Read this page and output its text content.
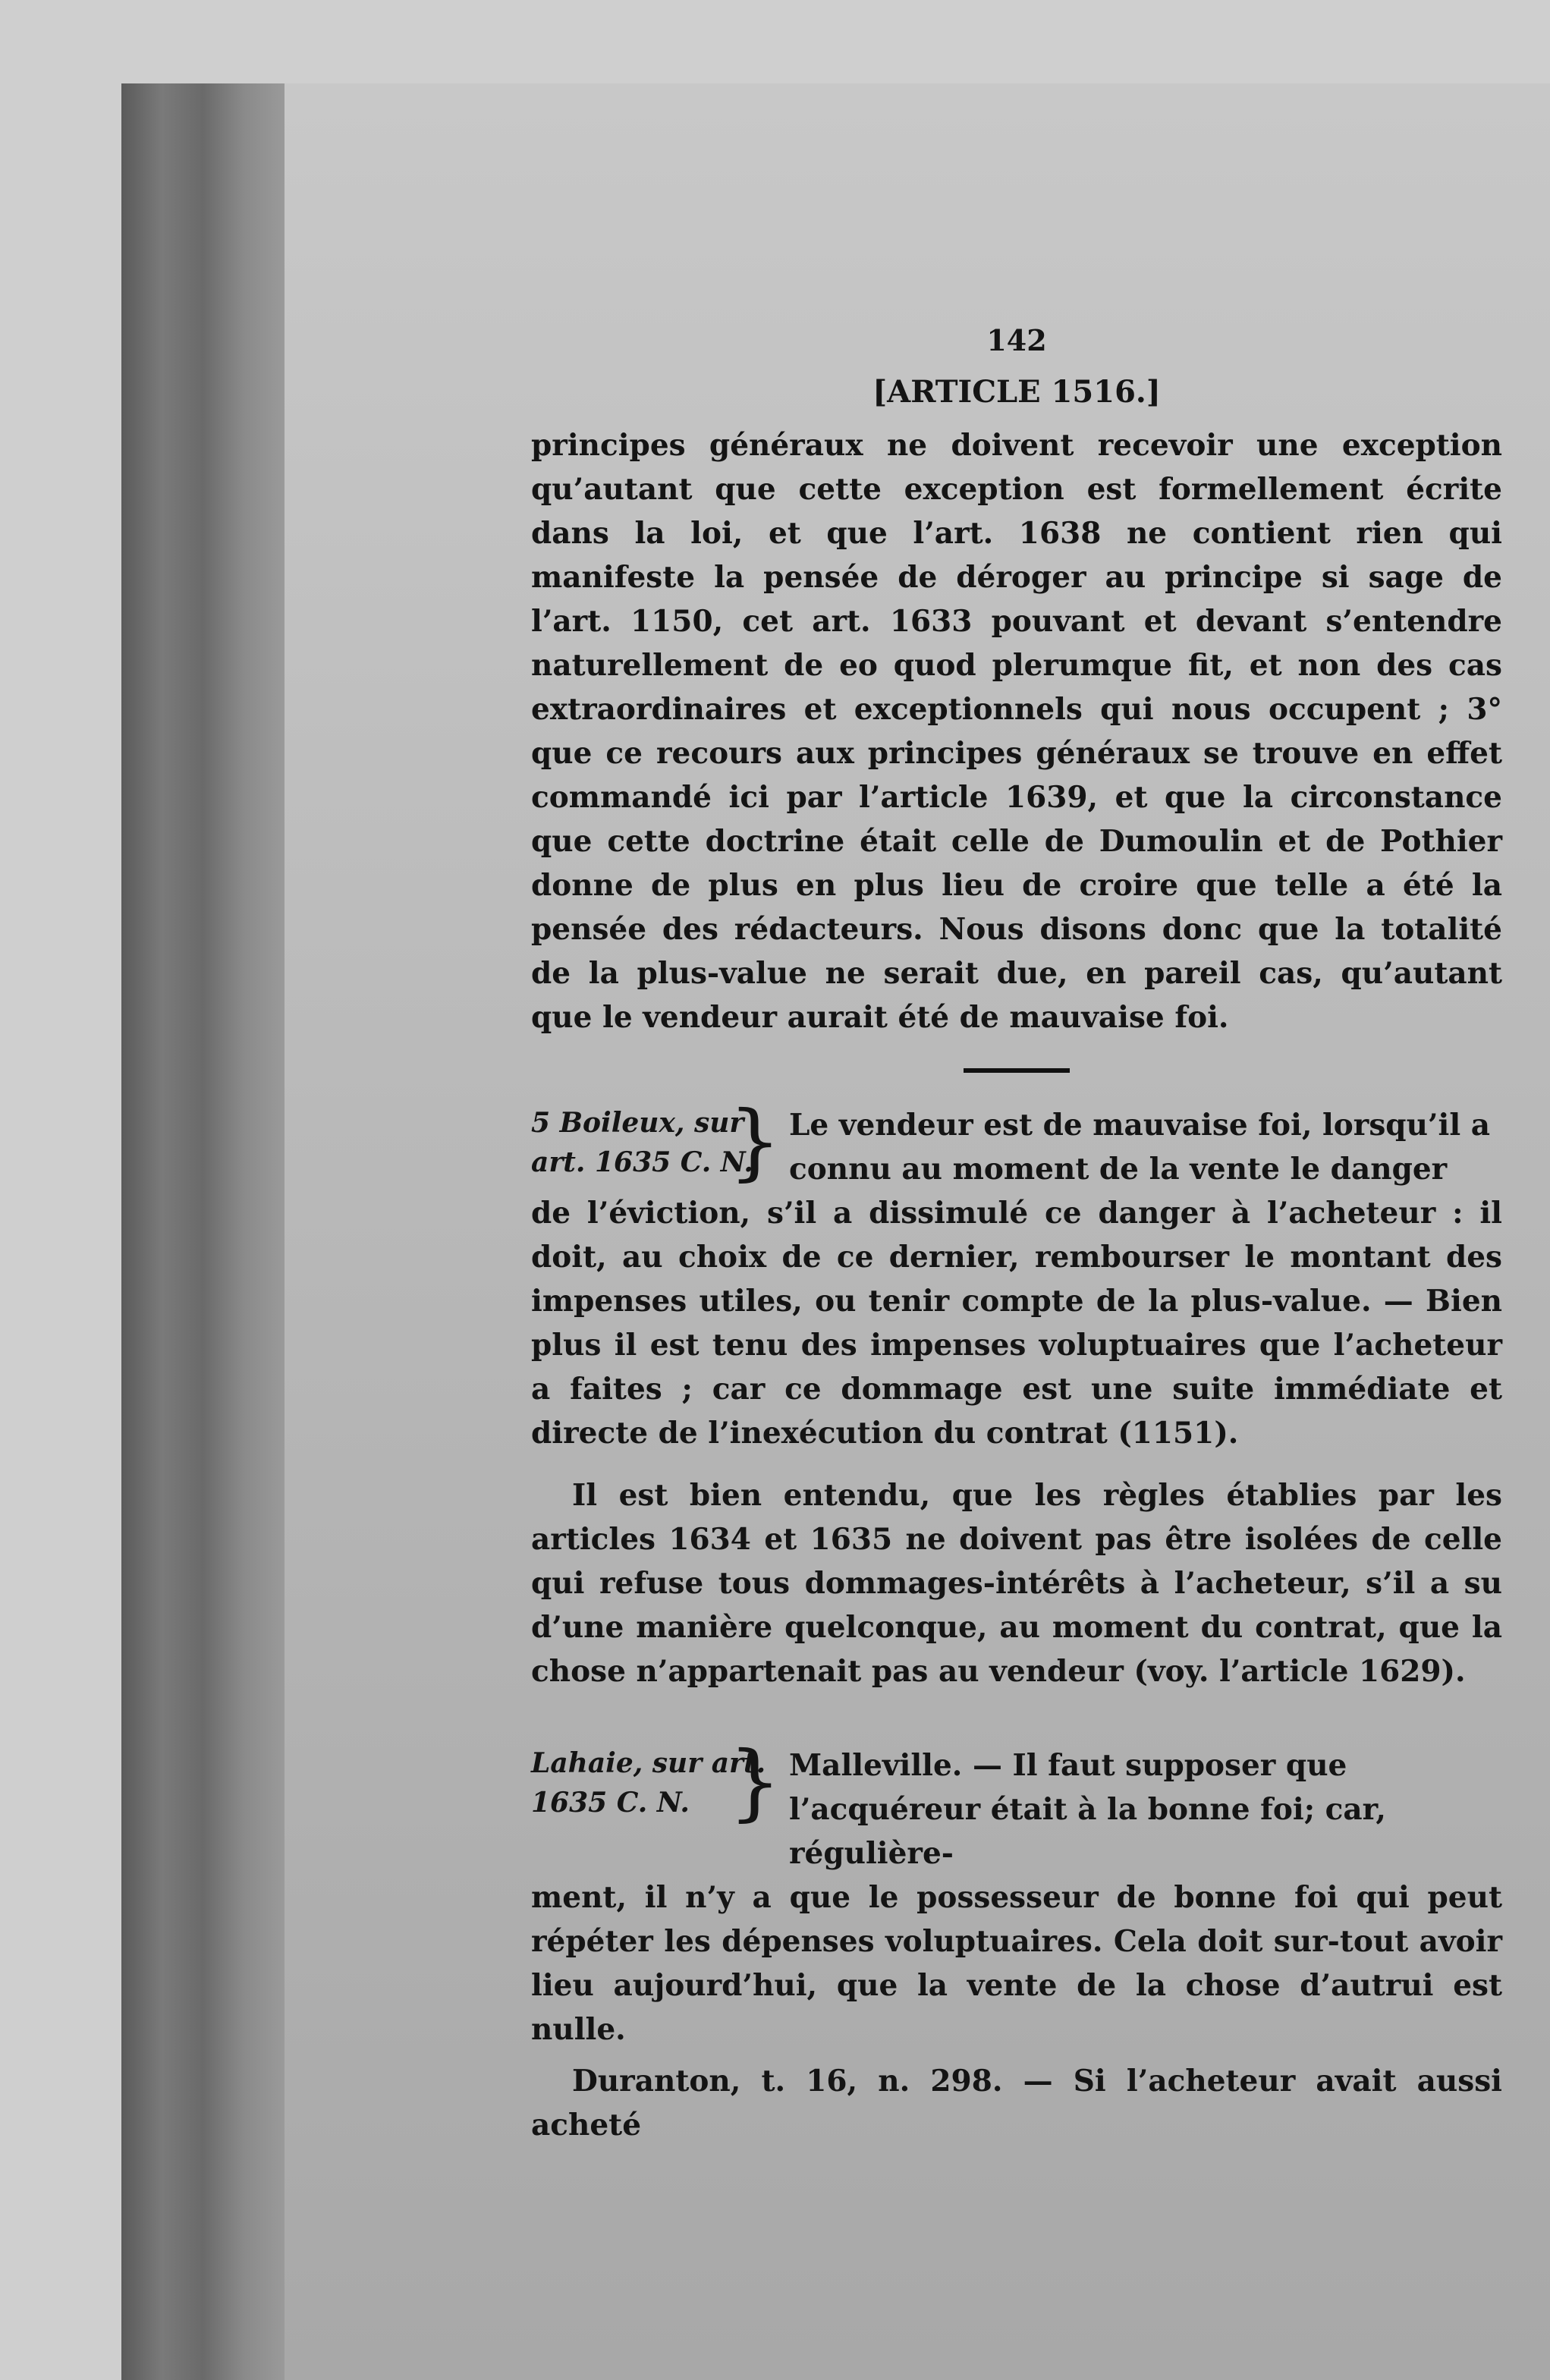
142
[ARTICLE 1516.]

principes généraux ne doivent recevoir une exception qu’autant que cette exception est formellement écrite dans la loi, et que l’art. 1638 ne contient rien qui manifeste la pensée de déroger au principe si sage de l’art. 1150, cet art. 1633 pouvant et devant s’entendre naturellement de eo quod plerumque fit, et non des cas extraordinaires et exceptionnels qui nous occupent ; 3° que ce recours aux principes généraux se trouve en effet commandé ici par l’article 1639, et que la circonstance que cette doctrine était celle de Dumoulin et de Pothier donne de plus en plus lieu de croire que telle a été la pensée des rédacteurs. Nous disons donc que la totalité de la plus-value ne serait due, en pareil cas, qu’autant que le vendeur aurait été de mauvaise foi.

5 Boileux, sur
art. 1635 C. N.
} Le vendeur est de mauvaise foi, lorsqu’il a connu au moment de la vente le danger

de l’éviction, s’il a dissimulé ce danger à l’acheteur : il doit, au choix de ce dernier, rembourser le montant des impenses utiles, ou tenir compte de la plus-value. — Bien plus il est tenu des impenses voluptuaires que l’acheteur a faites ; car ce dommage est une suite immédiate et directe de l’inexécution du contrat (1151).

Il est bien entendu, que les règles établies par les articles 1634 et 1635 ne doivent pas être isolées de celle qui refuse tous dommages-intérêts à l’acheteur, s’il a su d’une manière quelconque, au moment du contrat, que la chose n’appartenait pas au vendeur (voy. l’article 1629).

Lahaie, sur art.
1635 C. N. } Malleville. — Il faut supposer que l’acquéreur était à la bonne foi; car, régulière-

ment, il n’y a que le possesseur de bonne foi qui peut répéter les dépenses voluptuaires. Cela doit sur-tout avoir lieu aujourd’hui, que la vente de la chose d’autrui est nulle.

Duranton, t. 16, n. 298. — Si l’acheteur avait aussi acheté
